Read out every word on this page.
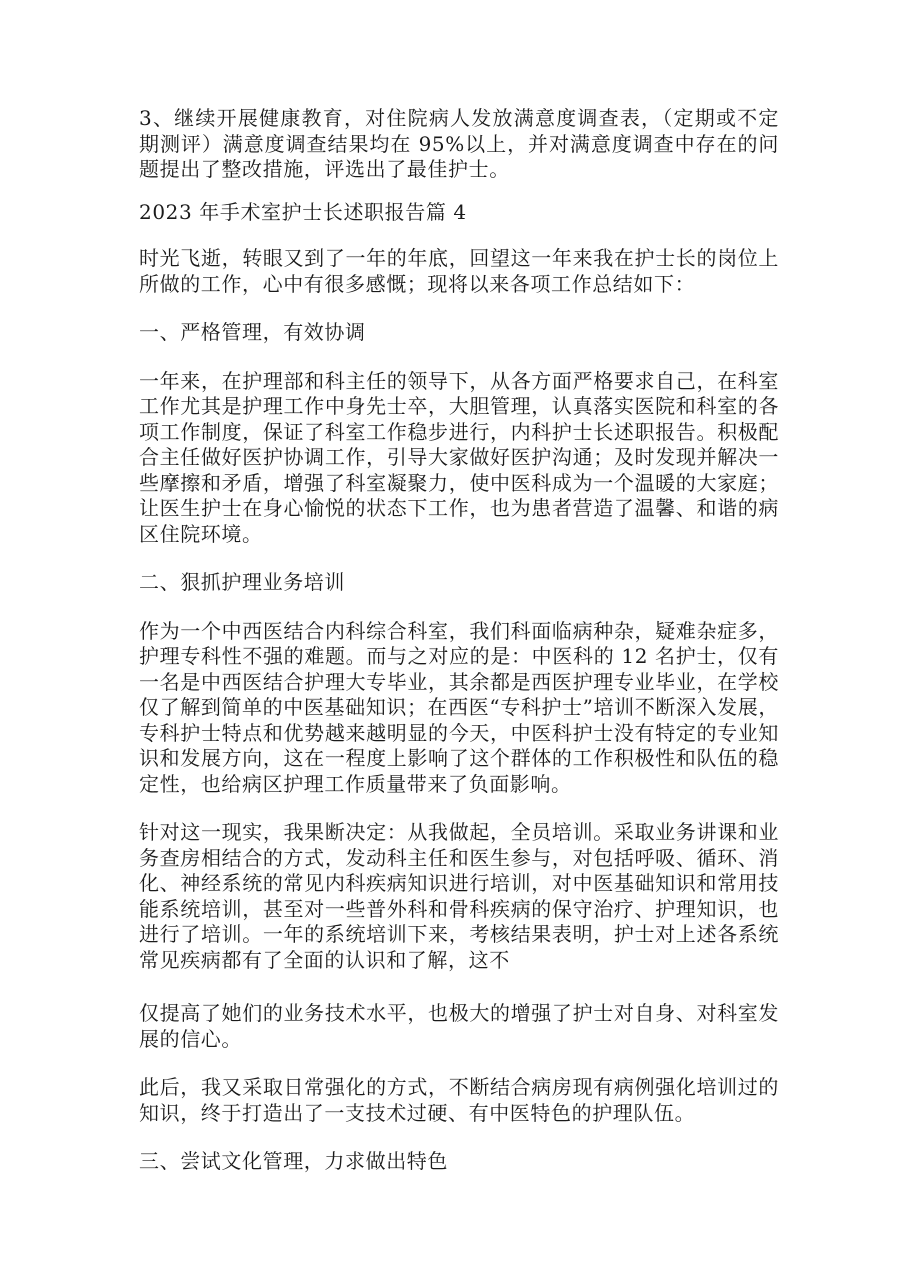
3、继续开展健康教育，对住院病人发放满意度调查表，（定期或不定期测评）满意度调查结果均在 95%以上，并对满意度调查中存在的问题提出了整改措施，评选出了最佳护士。

2023 年手术室护士长述职报告篇 4

时光飞逝，转眼又到了一年的年底，回望这一年来我在护士长的岗位上所做的工作，心中有很多感慨；现将以来各项工作总结如下：

一、严格管理，有效协调

一年来，在护理部和科主任的领导下，从各方面严格要求自己，在科室工作尤其是护理工作中身先士卒，大胆管理，认真落实医院和科室的各项工作制度，保证了科室工作稳步进行，内科护士长述职报告。积极配合主任做好医护协调工作，引导大家做好医护沟通；及时发现并解决一些摩擦和矛盾，增强了科室凝聚力，使中医科成为一个温暖的大家庭；让医生护士在身心愉悦的状态下工作，也为患者营造了温馨、和谐的病区住院环境。

二、狠抓护理业务培训

作为一个中西医结合内科综合科室，我们科面临病种杂，疑难杂症多，护理专科性不强的难题。而与之对应的是：中医科的 12 名护士，仅有一名是中西医结合护理大专毕业，其余都是西医护理专业毕业，在学校仅了解到简单的中医基础知识；在西医“专科护士”培训不断深入发展，专科护士特点和优势越来越明显的今天，中医科护士没有特定的专业知识和发展方向，这在一程度上影响了这个群体的工作积极性和队伍的稳定性，也给病区护理工作质量带来了负面影响。

针对这一现实，我果断决定：从我做起，全员培训。采取业务讲课和业务查房相结合的方式，发动科主任和医生参与，对包括呼吸、循环、消化、神经系统的常见内科疾病知识进行培训，对中医基础知识和常用技能系统培训，甚至对一些普外科和骨科疾病的保守治疗、护理知识，也进行了培训。一年的系统培训下来，考核结果表明，护士对上述各系统常见疾病都有了全面的认识和了解，这不

仅提高了她们的业务技术水平，也极大的增强了护士对自身、对科室发展的信心。

此后，我又采取日常强化的方式，不断结合病房现有病例强化培训过的知识，终于打造出了一支技术过硬、有中医特色的护理队伍。

三、尝试文化管理，力求做出特色
